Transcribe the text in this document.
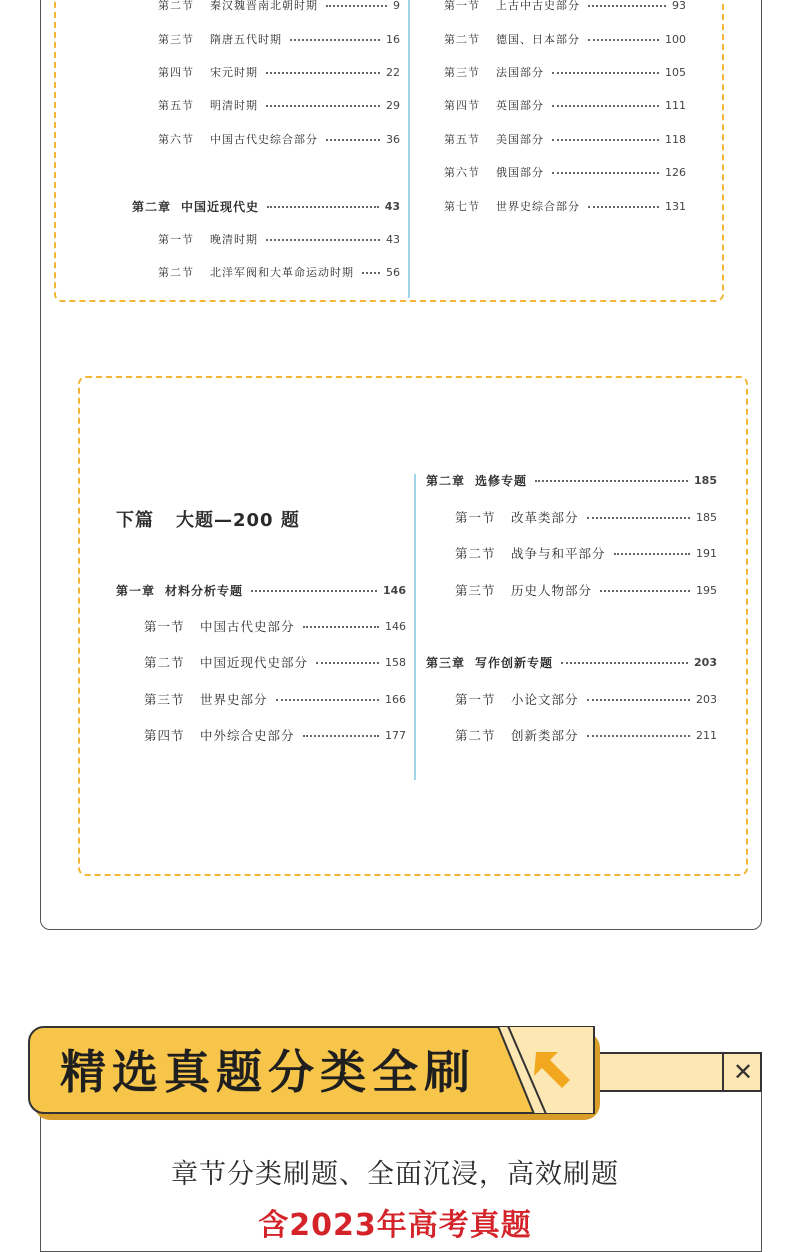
第二节	秦汉魏晋南北朝时期	9
第三节	隋唐五代时期	16
第四节	宋元时期	22
第五节	明清时期	29
第六节	中国古代史综合部分	36
第二章 中国近现代史	43
第一节	晚清时期	43
第二节	北洋军阀和大革命运动时期	56
第一节	上古中古史部分	93
第二节	德国、日本部分	100
第三节	法国部分	105
第四节	英国部分	111
第五节	美国部分	118
第六节	俄国部分	126
第七节	世界史综合部分	131
下篇 大题—200 题
第一章 材料分析专题	146
第一节	中国古代史部分	146
第二节	中国近现代史部分	158
第三节	世界史部分	166
第四节	中外综合史部分	177
第二章 选修专题	185
第一节	改革类部分	185
第二节	战争与和平部分	191
第三节	历史人物部分	195
第三章 写作创新专题	203
第一节	小论文部分	203
第二节	创新类部分	211
✕
精选真题分类全刷
章节分类刷题、全面沉浸，高效刷题
含2023年高考真题
